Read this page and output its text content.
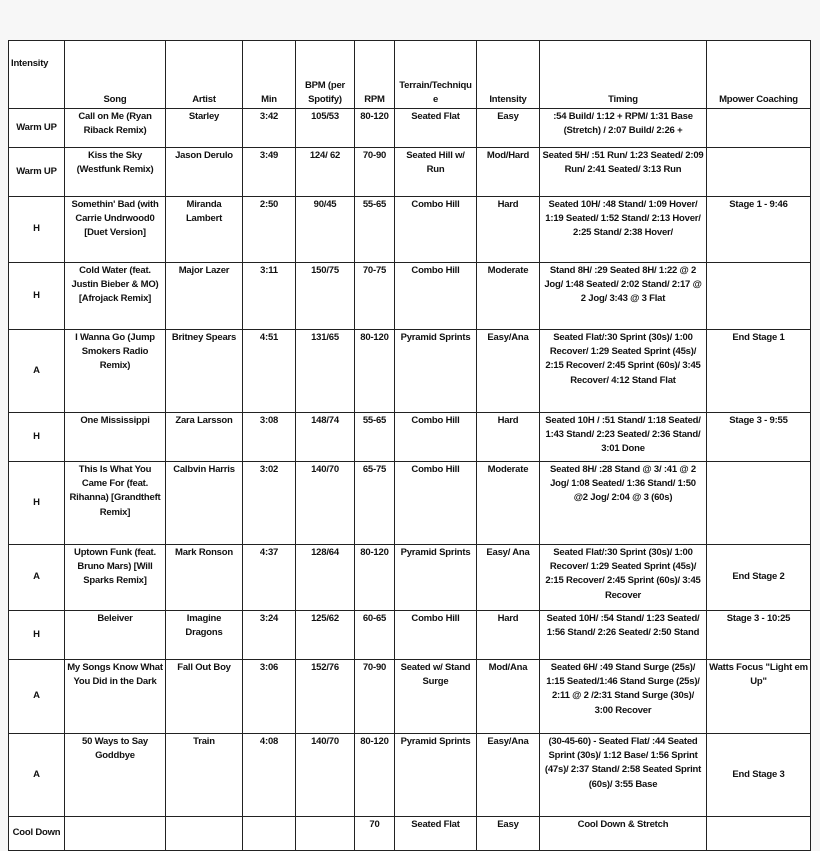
Intensity	Song	Artist	Min	BPM (per Spotify)	RPM	Terrain/Technique	Intensity	Timing	Mpower Coaching
Warm UP	Call on Me (Ryan Riback Remix)	Starley	3:42	105/53	80-120	Seated Flat	Easy	:54 Build/ 1:12 + RPM/ 1:31 Base (Stretch) / 2:07 Build/ 2:26 +	
Warm UP	Kiss the Sky (Westfunk Remix)	Jason Derulo	3:49	124/ 62	70-90	Seated Hill w/ Run	Mod/Hard	Seated 5H/ :51 Run/ 1:23 Seated/ 2:09 Run/ 2:41 Seated/ 3:13 Run	
H	Somethin' Bad (with Carrie Undrwood0 [Duet Version]	Miranda Lambert	2:50	90/45	55-65	Combo Hill	Hard	Seated 10H/ :48 Stand/ 1:09 Hover/ 1:19 Seated/ 1:52 Stand/ 2:13 Hover/ 2:25 Stand/ 2:38 Hover/	Stage 1 - 9:46
H	Cold Water (feat. Justin Bieber & MO) [Afrojack Remix]	Major Lazer	3:11	150/75	70-75	Combo Hill	Moderate	Stand 8H/ :29 Seated 8H/ 1:22 @ 2 Jog/ 1:48 Seated/ 2:02 Stand/ 2:17 @ 2 Jog/ 3:43 @ 3 Flat	
A	I Wanna Go (Jump Smokers Radio Remix)	Britney Spears	4:51	131/65	80-120	Pyramid Sprints	Easy/Ana	Seated Flat/:30 Sprint (30s)/ 1:00 Recover/ 1:29 Seated Sprint (45s)/ 2:15 Recover/ 2:45 Sprint (60s)/ 3:45 Recover/ 4:12 Stand Flat	End Stage 1
H	One Mississippi	Zara Larsson	3:08	148/74	55-65	Combo Hill	Hard	Seated 10H / :51 Stand/ 1:18 Seated/ 1:43 Stand/ 2:23 Seated/ 2:36 Stand/ 3:01 Done	Stage 3 - 9:55
H	This Is What You Came For (feat. Rihanna) [Grandtheft Remix]	Calbvin Harris	3:02	140/70	65-75	Combo Hill	Moderate	Seated 8H/ :28 Stand @ 3/ :41 @ 2 Jog/ 1:08 Seated/ 1:36 Stand/ 1:50 @2 Jog/ 2:04 @ 3 (60s)	
A	Uptown Funk (feat. Bruno Mars) [Will Sparks Remix]	Mark Ronson	4:37	128/64	80-120	Pyramid Sprints	Easy/ Ana	Seated Flat/:30 Sprint (30s)/ 1:00 Recover/ 1:29 Seated Sprint (45s)/ 2:15 Recover/ 2:45 Sprint (60s)/ 3:45 Recover	End Stage 2
H	Beleiver	Imagine Dragons	3:24	125/62	60-65	Combo Hill	Hard	Seated 10H/ :54 Stand/ 1:23 Seated/ 1:56 Stand/ 2:26 Seated/ 2:50 Stand	Stage 3 - 10:25
A	My Songs Know What You Did in the Dark	Fall Out Boy	3:06	152/76	70-90	Seated w/ Stand Surge	Mod/Ana	Seated 6H/ :49 Stand Surge (25s)/ 1:15 Seated/1:46 Stand Surge (25s)/ 2:11 @ 2 /2:31 Stand Surge (30s)/ 3:00 Recover	Watts Focus "Light em Up"
A	50 Ways to Say Goddbye	Train	4:08	140/70	80-120	Pyramid Sprints	Easy/Ana	(30-45-60) - Seated Flat/ :44 Seated Sprint (30s)/ 1:12 Base/ 1:56 Sprint (47s)/ 2:37 Stand/ 2:58 Seated Sprint (60s)/ 3:55 Base	End Stage 3
Cool Down					70	Seated Flat	Easy	Cool Down & Stretch	
